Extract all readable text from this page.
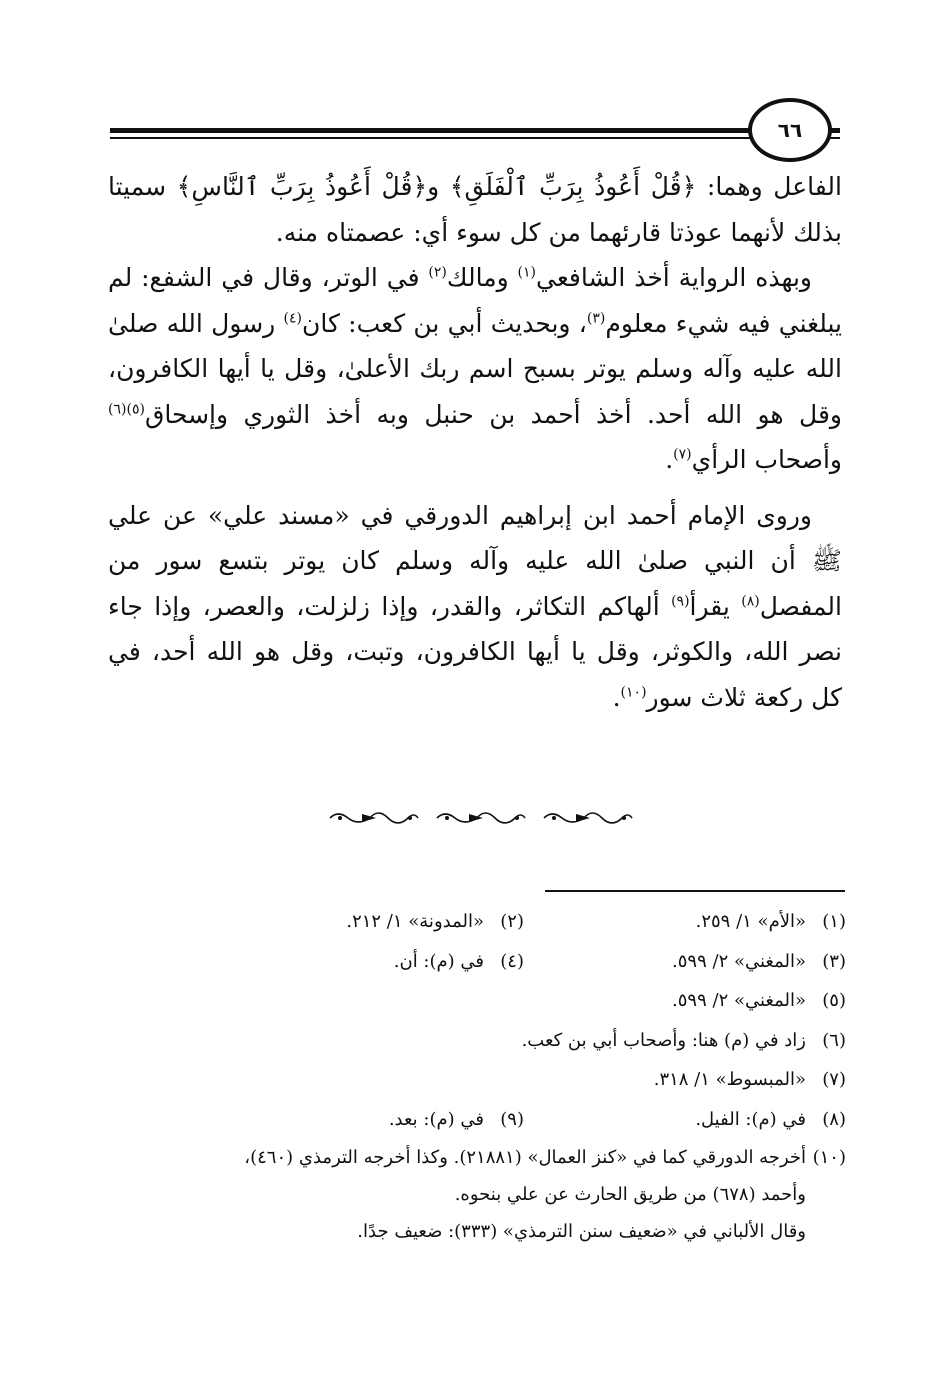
٦٦

الفاعل وهما: ﴿قُلْ أَعُوذُ بِرَبِّ ٱلْفَلَقِ﴾ و﴿قُلْ أَعُوذُ بِرَبِّ ٱلنَّاسِ﴾ سميتا بذلك لأنهما عوذتا قارئهما من كل سوء أي: عصمتاه منه.

وبهذه الرواية أخذ الشافعي$^{(١)}$ ومالك$^{(٢)}$ في الوتر، وقال في الشفع: لم يبلغني فيه شيء معلوم$^{(٣)}$، وبحديث أبي بن كعب: كان$^{(٤)}$ رسول الله صلىٰ الله عليه وآله وسلم يوتر بسبح اسم ربك الأعلىٰ، وقل يا أيها الكافرون، وقل هو الله أحد. أخذ أحمد بن حنبل وبه أخذ الثوري وإسحاق$^{(٥)(٦)}$ وأصحاب الرأي$^{(٧)}$.

وروى الإمام أحمد ابن إبراهيم الدورقي في «مسند علي» عن علي ﷺ أن النبي صلىٰ الله عليه وآله وسلم كان يوتر بتسع سور من المفصل$^{(٨)}$ يقرأ$^{(٩)}$ ألهاكم التكاثر، والقدر، وإذا زلزلت، والعصر، وإذا جاء نصر الله، والكوثر، وقل يا أيها الكافرون، وتبت، وقل هو الله أحد، في كل ركعة ثلاث سور$^{(١٠)}$.

(١)
«الأم» ١/ ٢٥٩.
(٢)
«المدونة» ١/ ٢١٢.
(٣)
«المغني» ٢/ ٥٩٩.
(٤)
في (م): أن.
(٥)
«المغني» ٢/ ٥٩٩.
(٦)
زاد في (م) هنا: وأصحاب أبي بن كعب.
(٧)
«المبسوط» ١/ ٣١٨.
(٨)
في (م): الفيل.
(٩)
في (م): بعد.
(١٠)أخرجه الدورقي كما في «كنز العمال» (٢١٨٨١). وكذا أخرجه الترمذي (٤٦٠)،
وأحمد (٦٧٨) من طريق الحارث عن علي بنحوه.
وقال الألباني في «ضعيف سنن الترمذي» (٣٣٣): ضعيف جدًا.
